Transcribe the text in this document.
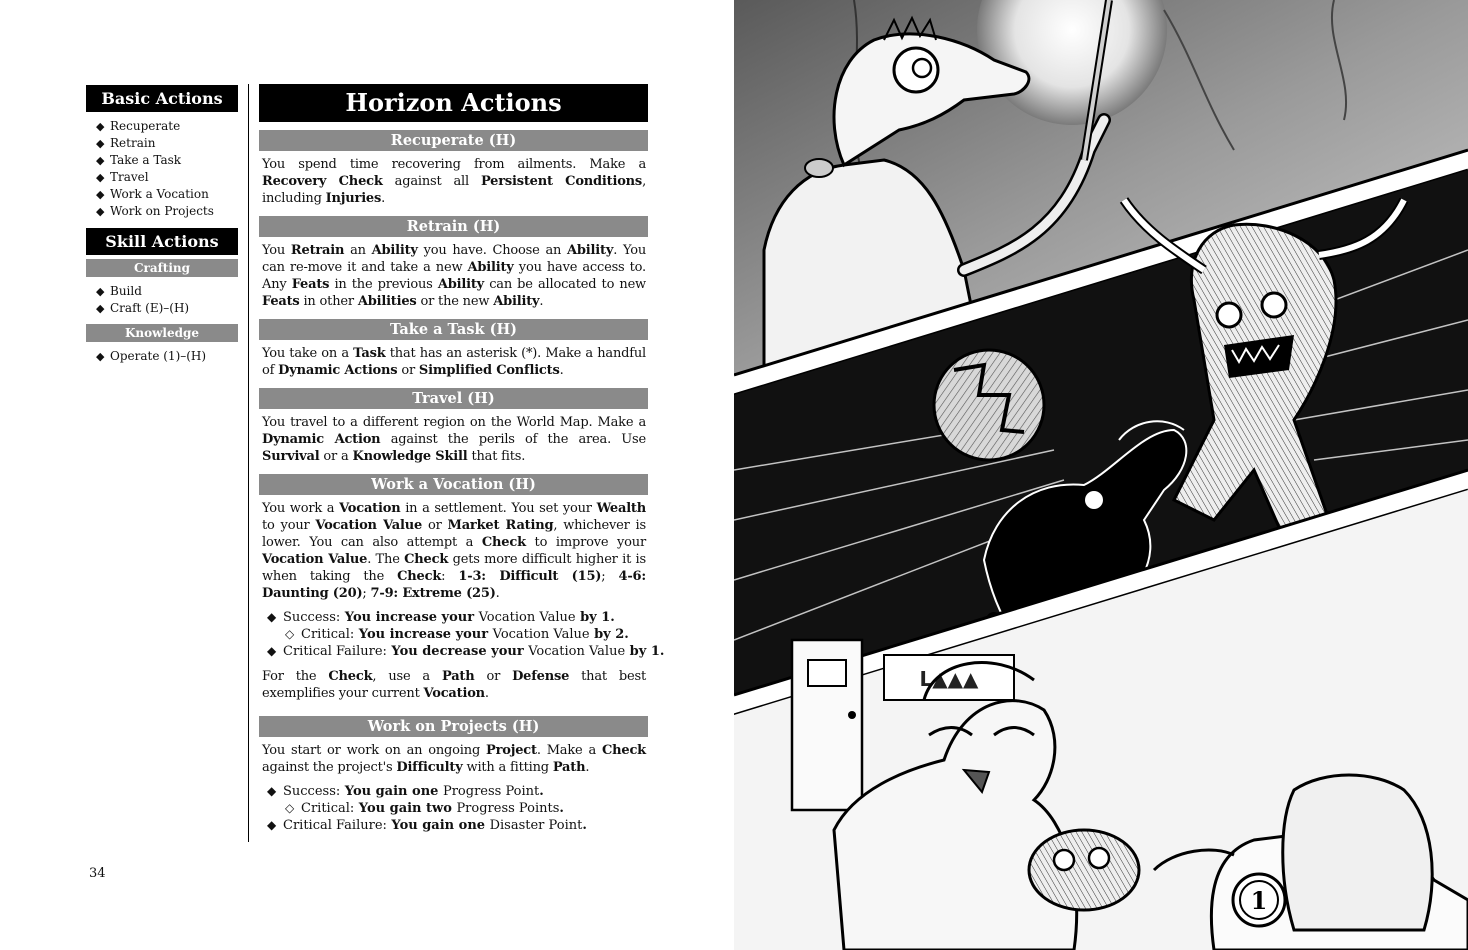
Basic Actions
◆ Recuperate
◆ Retrain
◆ Take a Task
◆ Travel
◆ Work a Vocation
◆ Work on Projects
Skill Actions
Crafting
◆ Build
◆ Craft (E)–(H)
Knowledge
◆ Operate (1)–(H)
Horizon Actions
Recuperate (H)
You spend time recovering from ailments. Make a Recovery Check against all Persistent Conditions, including Injuries.
Retrain (H)
You Retrain an Ability you have. Choose an Ability. You can re-move it and take a new Ability you have access to. Any Feats in the previous Ability can be allocated to new Feats in other Abilities or the new Ability.
Take a Task (H)
You take on a Task that has an asterisk (*). Make a handful of Dynamic Actions or Simplified Conflicts.
Travel (H)
You travel to a different region on the World Map. Make a Dynamic Action against the perils of the area. Use Survival or a Knowledge Skill that fits.
Work a Vocation (H)
You work a Vocation in a settlement. You set your Wealth to your Vocation Value or Market Rating, whichever is lower. You can also attempt a Check to improve your Vocation Value. The Check gets more difficult higher it is when taking the Check: 1-3: Difficult (15); 4-6: Daunting (20); 7-9: Extreme (25).
◆ Success: You increase your Vocation Value by 1.
◇ Critical: You increase your Vocation Value by 2.
◆ Critical Failure: You decrease your Vocation Value by 1.
For the Check, use a Path or Defense that best exemplifies your current Vocation.
Work on Projects (H)
You start or work on an ongoing Project. Make a Check against the project's Difficulty with a fitting Path.
◆ Success: You gain one Progress Point.
◇ Critical: You gain two Progress Points.
◆ Critical Failure: You gain one Disaster Point.
34
L▲▲▲
1
